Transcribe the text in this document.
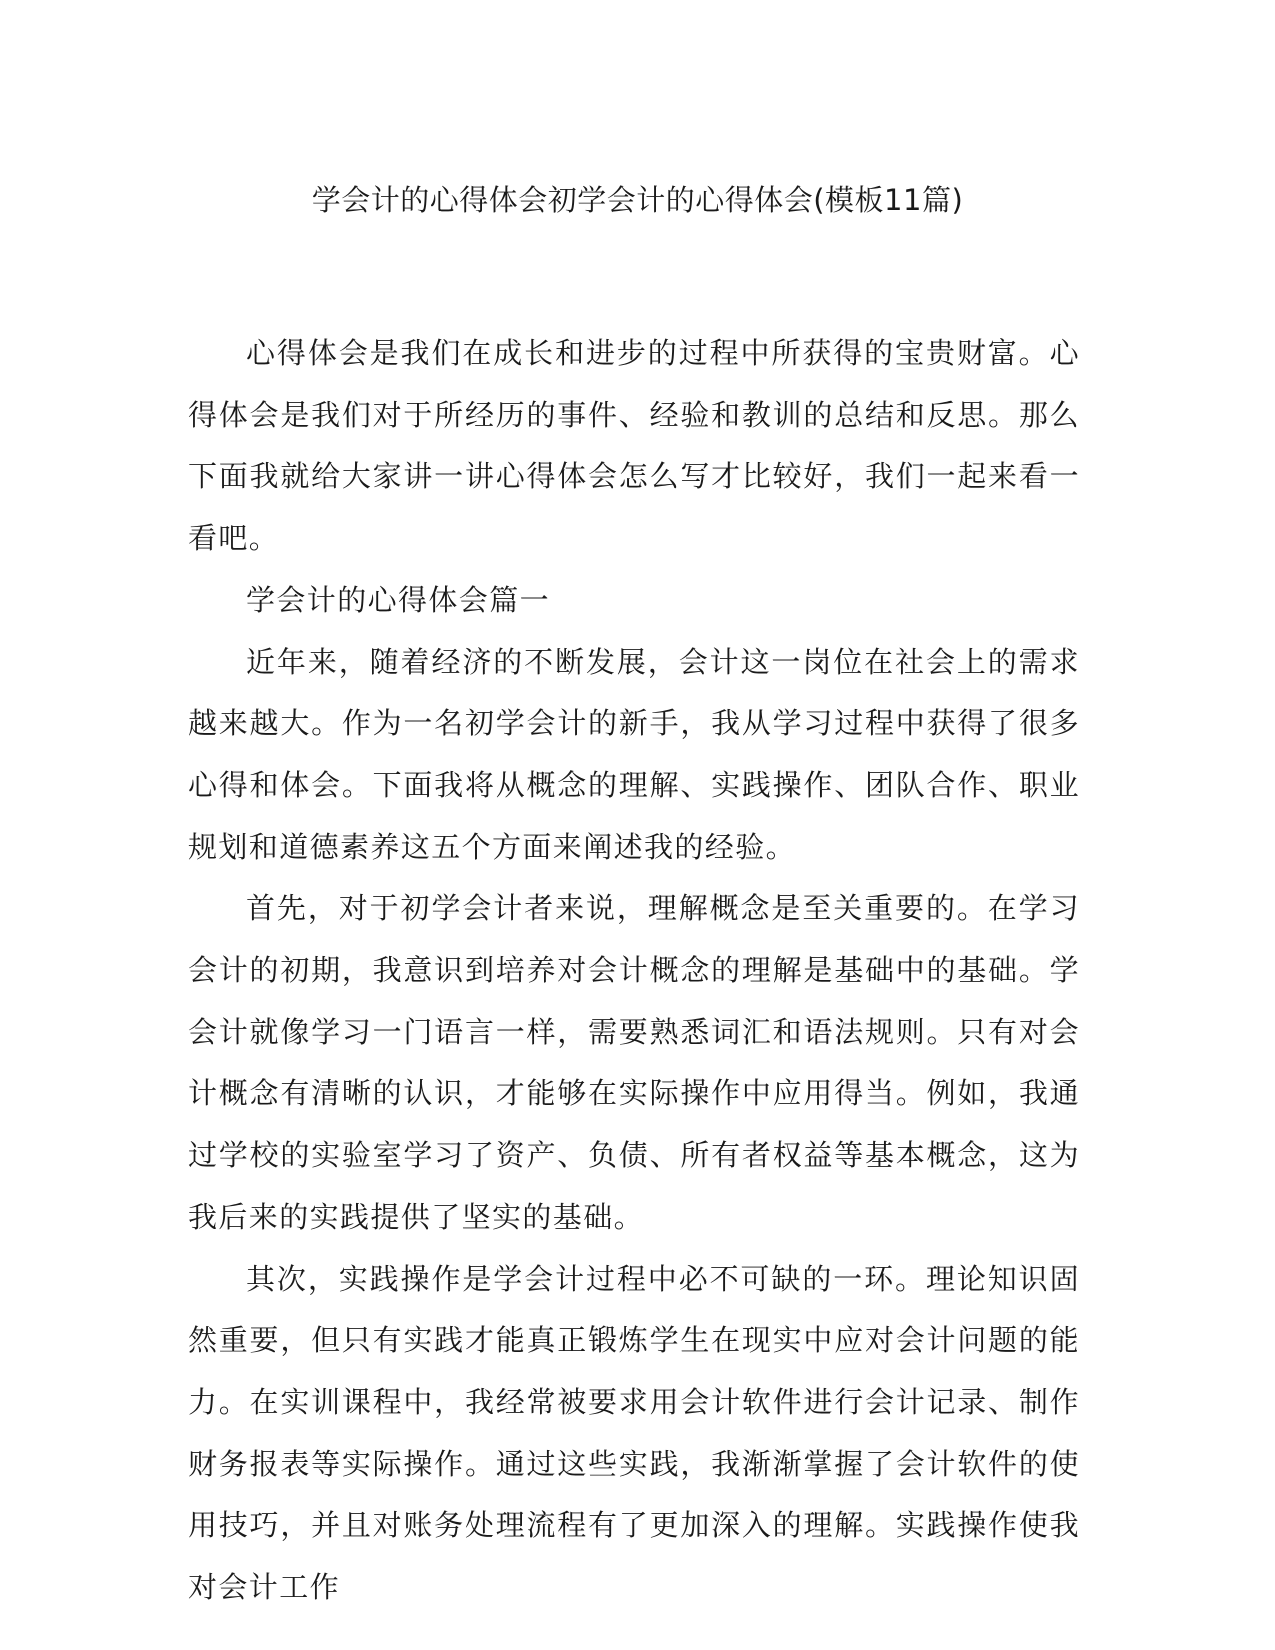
学会计的心得体会初学会计的心得体会(模板11篇)

心得体会是我们在成长和进步的过程中所获得的宝贵财富。心得体会是我们对于所经历的事件、经验和教训的总结和反思。那么下面我就给大家讲一讲心得体会怎么写才比较好，我们一起来看一看吧。

学会计的心得体会篇一

近年来，随着经济的不断发展，会计这一岗位在社会上的需求越来越大。作为一名初学会计的新手，我从学习过程中获得了很多心得和体会。下面我将从概念的理解、实践操作、团队合作、职业规划和道德素养这五个方面来阐述我的经验。

首先，对于初学会计者来说，理解概念是至关重要的。在学习会计的初期，我意识到培养对会计概念的理解是基础中的基础。学会计就像学习一门语言一样，需要熟悉词汇和语法规则。只有对会计概念有清晰的认识，才能够在实际操作中应用得当。例如，我通过学校的实验室学习了资产、负债、所有者权益等基本概念，这为我后来的实践提供了坚实的基础。

其次，实践操作是学会计过程中必不可缺的一环。理论知识固然重要，但只有实践才能真正锻炼学生在现实中应对会计问题的能力。在实训课程中，我经常被要求用会计软件进行会计记录、制作财务报表等实际操作。通过这些实践，我渐渐掌握了会计软件的使用技巧，并且对账务处理流程有了更加深入的理解。实践操作使我对会计工作
